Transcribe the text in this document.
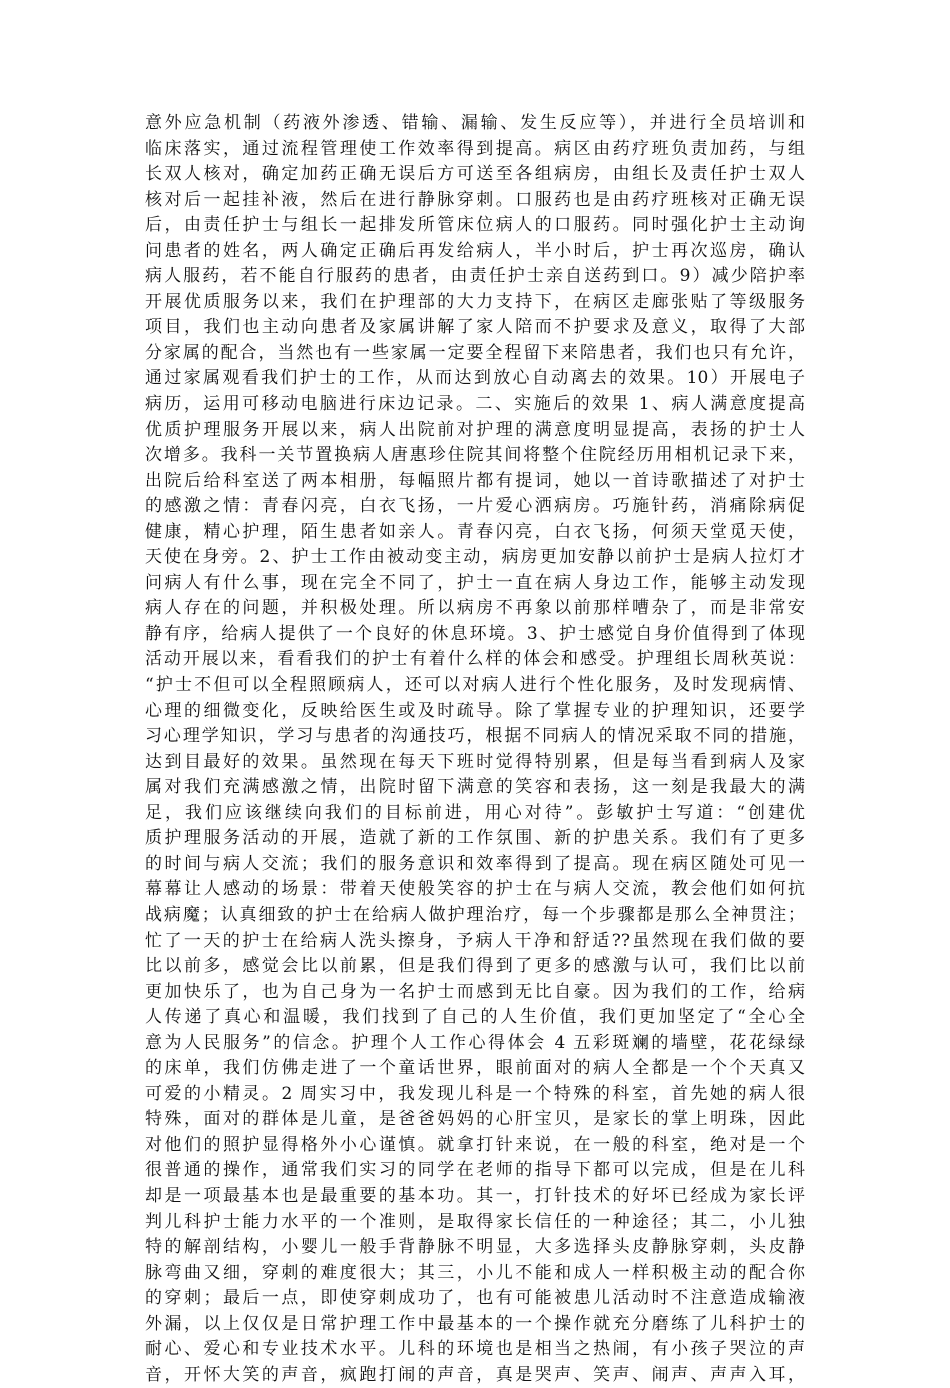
意外应急机制（药液外渗透、错输、漏输、发生反应等），并进行全员培训和
临床落实，通过流程管理使工作效率得到提高。病区由药疗班负责加药，与组
长双人核对，确定加药正确无误后方可送至各组病房，由组长及责任护士双人
核对后一起挂补液，然后在进行静脉穿刺。口服药也是由药疗班核对正确无误
后，由责任护士与组长一起排发所管床位病人的口服药。同时强化护士主动询
问患者的姓名，两人确定正确后再发给病人，半小时后，护士再次巡房，确认
病人服药，若不能自行服药的患者，由责任护士亲自送药到口。9）减少陪护率
开展优质服务以来，我们在护理部的大力支持下，在病区走廊张贴了等级服务
项目，我们也主动向患者及家属讲解了家人陪而不护要求及意义，取得了大部
分家属的配合，当然也有一些家属一定要全程留下来陪患者，我们也只有允许，
通过家属观看我们护士的工作，从而达到放心自动离去的效果。10）开展电子
病历，运用可移动电脑进行床边记录。二、实施后的效果 1、病人满意度提高
优质护理服务开展以来，病人出院前对护理的满意度明显提高，表扬的护士人
次增多。我科一关节置换病人唐惠珍住院其间将整个住院经历用相机记录下来，
出院后给科室送了两本相册，每幅照片都有提词，她以一首诗歌描述了对护士
的感激之情：青春闪亮，白衣飞扬，一片爱心洒病房。巧施针药，消痛除病促
健康，精心护理，陌生患者如亲人。青春闪亮，白衣飞扬，何须天堂觅天使，
天使在身旁。2、护士工作由被动变主动，病房更加安静以前护士是病人拉灯才
问病人有什么事，现在完全不同了，护士一直在病人身边工作，能够主动发现
病人存在的问题，并积极处理。所以病房不再象以前那样嘈杂了，而是非常安
静有序，给病人提供了一个良好的休息环境。3、护士感觉自身价值得到了体现
活动开展以来，看看我们的护士有着什么样的体会和感受。护理组长周秋英说：
“护士不但可以全程照顾病人，还可以对病人进行个性化服务，及时发现病情、
心理的细微变化，反映给医生或及时疏导。除了掌握专业的护理知识，还要学
习心理学知识，学习与患者的沟通技巧，根据不同病人的情况采取不同的措施，
达到目最好的效果。虽然现在每天下班时觉得特别累，但是每当看到病人及家
属对我们充满感激之情，出院时留下满意的笑容和表扬，这一刻是我最大的满
足，我们应该继续向我们的目标前进，用心对待”。彭敏护士写道：“创建优
质护理服务活动的开展，造就了新的工作氛围、新的护患关系。我们有了更多
的时间与病人交流；我们的服务意识和效率得到了提高。现在病区随处可见一
幕幕让人感动的场景：带着天使般笑容的护士在与病人交流，教会他们如何抗
战病魔；认真细致的护士在给病人做护理治疗，每一个步骤都是那么全神贯注；
忙了一天的护士在给病人洗头擦身，予病人干净和舒适??虽然现在我们做的要
比以前多，感觉会比以前累，但是我们得到了更多的感激与认可，我们比以前
更加快乐了，也为自己身为一名护士而感到无比自豪。因为我们的工作，给病
人传递了真心和温暖，我们找到了自己的人生价值，我们更加坚定了“全心全
意为人民服务”的信念。护理个人工作心得体会 4 五彩斑斓的墙壁，花花绿绿
的床单，我们仿佛走进了一个童话世界，眼前面对的病人全都是一个个天真又
可爱的小精灵。2 周实习中，我发现儿科是一个特殊的科室，首先她的病人很
特殊，面对的群体是儿童，是爸爸妈妈的心肝宝贝，是家长的掌上明珠，因此
对他们的照护显得格外小心谨慎。就拿打针来说，在一般的科室，绝对是一个
很普通的操作，通常我们实习的同学在老师的指导下都可以完成，但是在儿科
却是一项最基本也是最重要的基本功。其一，打针技术的好坏已经成为家长评
判儿科护士能力水平的一个准则，是取得家长信任的一种途径；其二，小儿独
特的解剖结构，小婴儿一般手背静脉不明显，大多选择头皮静脉穿刺，头皮静
脉弯曲又细，穿刺的难度很大；其三，小儿不能和成人一样积极主动的配合你
的穿刺；最后一点，即使穿刺成功了，也有可能被患儿活动时不注意造成输液
外漏，以上仅仅是日常护理工作中最基本的一个操作就充分磨练了儿科护士的
耐心、爱心和专业技术水平。儿科的环境也是相当之热闹，有小孩子哭泣的声
音，开怀大笑的声音，疯跑打闹的声音，真是哭声、笑声、闹声、声声入耳，
